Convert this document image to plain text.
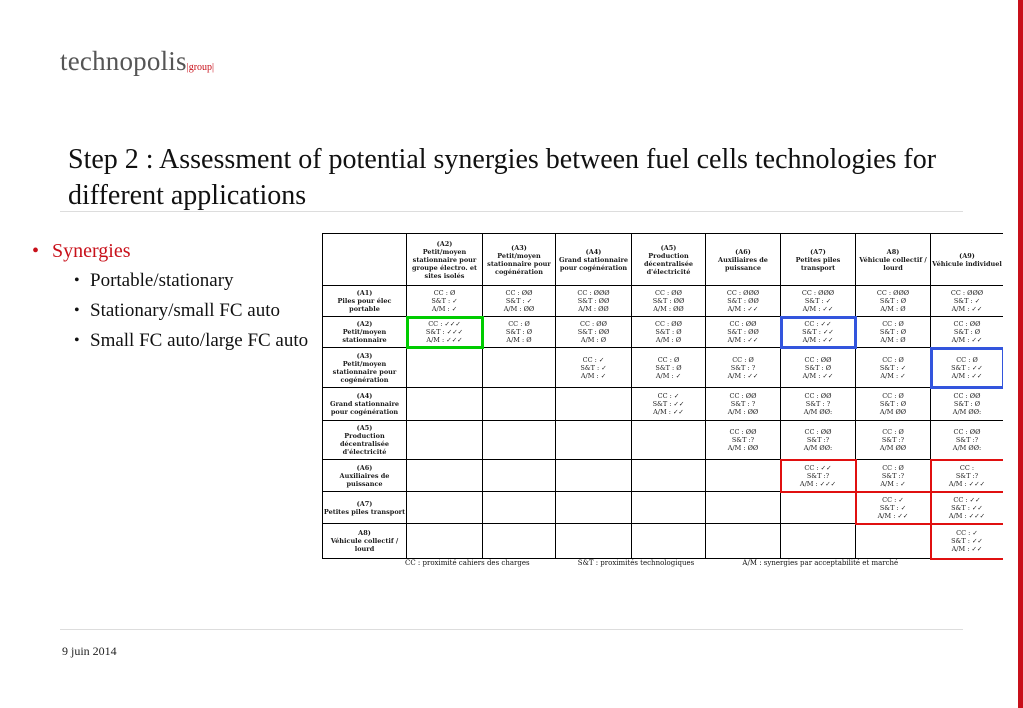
technopolis|group|
Step 2 : Assessment of potential synergies between fuel cells technologies for different applications
• Synergies
• Portable/stationary
• Stationary/small FC auto
• Small FC auto/large FC auto
	(A2)
Petit/moyen stationnaire pour groupe électro. et sites isolés	(A3)
Petit/moyen stationnaire pour cogénération	(A4)
Grand stationnaire pour cogénération	(A5)
Production décentralisée d'électricité	(A6)
Auxiliaires de puissance	(A7)
Petites piles transport	A8)
Véhicule collectif / lourd	(A9)
Véhicule individuel
(A1)
Piles pour élec portable	CC : Ø
S&T : ✓
A/M : ✓	CC : ØØ
S&T : ✓
A/M : ØØ	CC : ØØØ
S&T : ØØ
A/M : ØØ	CC : ØØ
S&T : ØØ
A/M : ØØ	CC : ØØØ
S&T : ØØ
A/M : ✓✓	CC : ØØØ
S&T : ✓
A/M : ✓✓	CC : ØØØ
S&T : Ø
A/M : Ø	CC : ØØØ
S&T : ✓
A/M : ✓✓
(A2)
Petit/moyen stationnaire	CC : ✓✓✓
S&T : ✓✓✓
A/M : ✓✓✓	CC : Ø
S&T : Ø
A/M : Ø	CC : ØØ
S&T : ØØ
A/M : Ø	CC : ØØ
S&T : Ø
A/M : Ø	CC : ØØ
S&T : ØØ
A/M : ✓✓	CC : ✓✓
S&T : ✓✓
A/M : ✓✓	CC : Ø
S&T : Ø
A/M : Ø	CC : ØØ
S&T : Ø
A/M : ✓✓
(A3)
Petit/moyen stationnaire pour cogénération			CC : ✓
S&T : ✓
A/M : ✓	CC : Ø
S&T : Ø
A/M : ✓	CC : Ø
S&T : ?
A/M : ✓✓	CC : ØØ
S&T : Ø
A/M : ✓✓	CC : Ø
S&T : ✓
A/M : ✓	CC : Ø
S&T : ✓✓
A/M : ✓✓
(A4)
Grand stationnaire pour cogénération				CC : ✓
S&T : ✓✓
A/M : ✓✓	CC : ØØ
S&T : ?
A/M : ØØ	CC : ØØ
S&T : ?
A/M ØØ:	CC : Ø
S&T : Ø
A/M ØØ	CC : ØØ
S&T : Ø
A/M ØØ:
(A5)
Production décentralisée d'électricité					CC : ØØ
S&T :?
A/M : ØØ	CC : ØØ
S&T :?
A/M ØØ:	CC : Ø
S&T :?
A/M ØØ	CC : ØØ
S&T :?
A/M ØØ:
(A6)
Auxiliaires de puissance						CC : ✓✓
S&T :?
A/M : ✓✓✓	CC : Ø
S&T :?
A/M : ✓	CC :
S&T :?
A/M : ✓✓✓
(A7)
Petites piles transport							CC : ✓
S&T : ✓
A/M : ✓✓	CC : ✓✓
S&T : ✓✓
A/M : ✓✓✓
A8)
Véhicule collectif / lourd								CC : ✓
S&T : ✓✓
A/M : ✓✓
CC : proximité cahiers des charges	S&T : proximités technologiques	A/M : synergies par acceptabilité et marché
9 juin 2014
